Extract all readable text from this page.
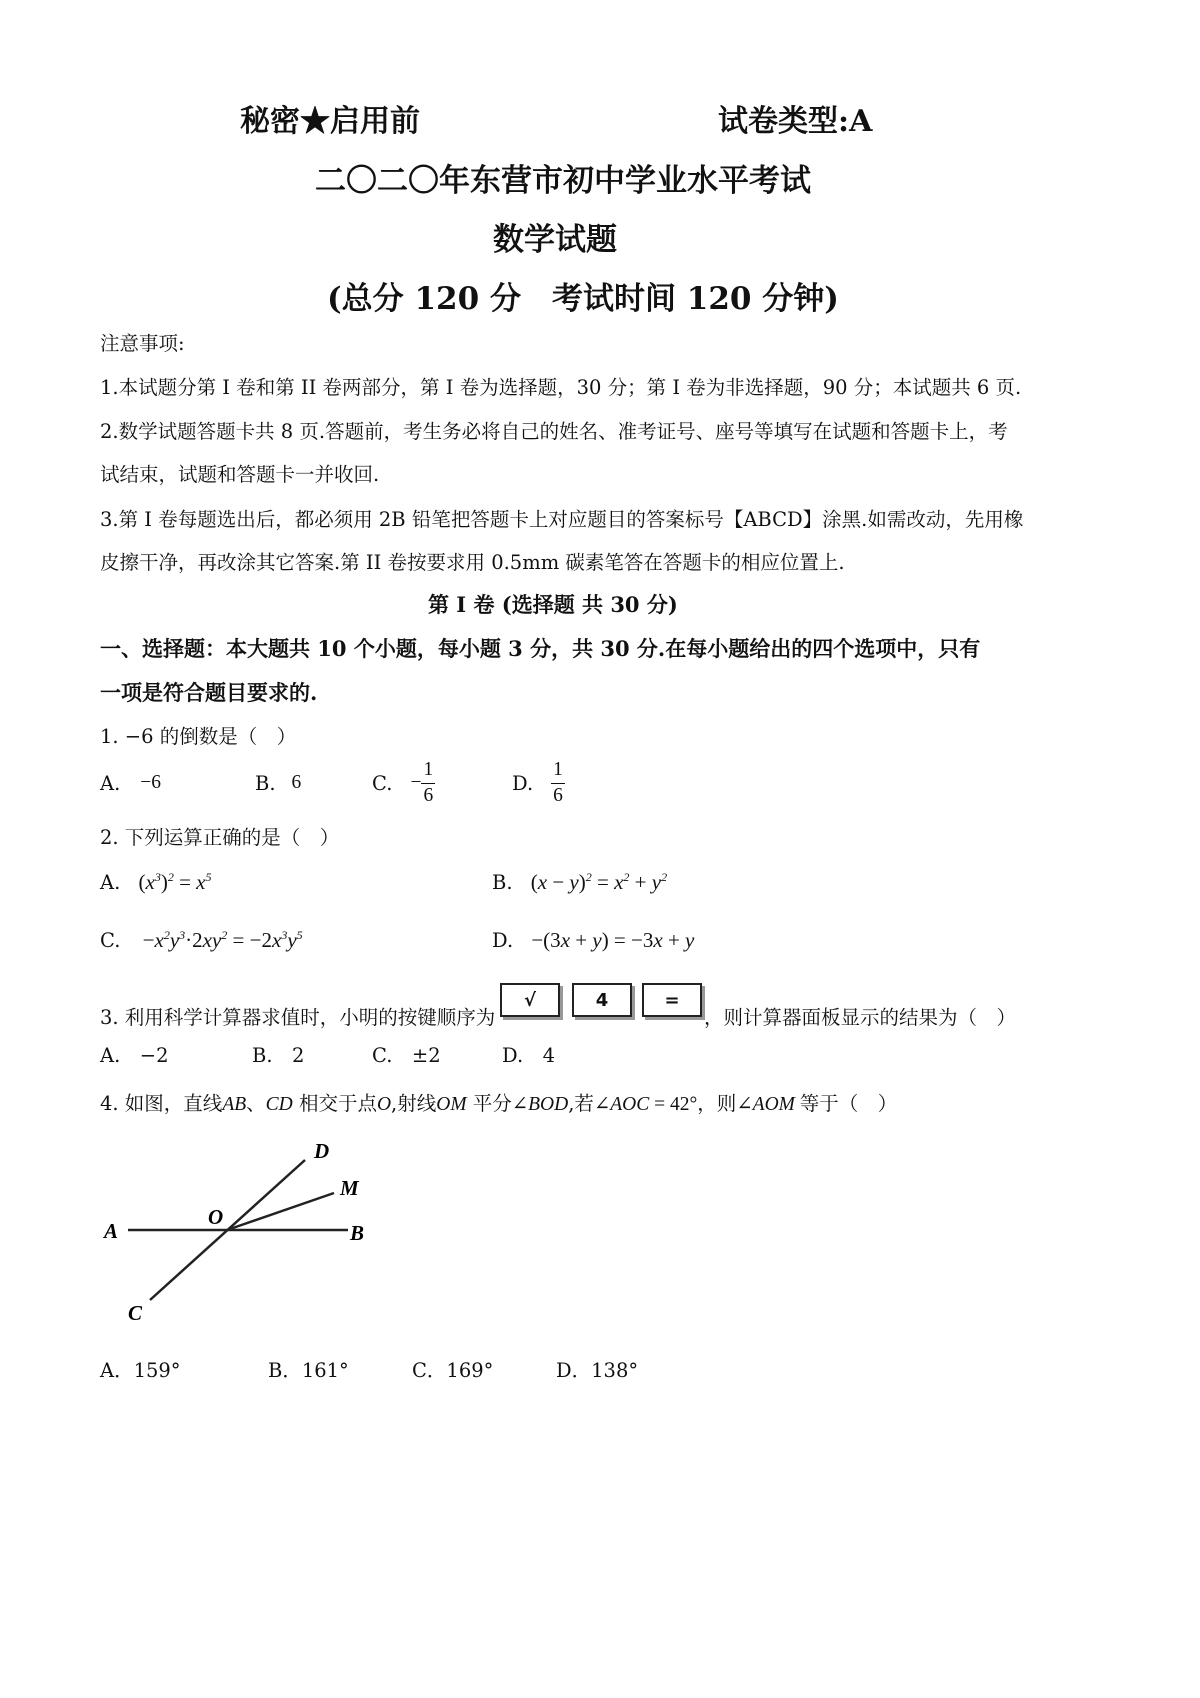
秘密★启用前	试卷类型:A
二〇二〇年东营市初中学业水平考试
数学试题
(总分 120 分　考试时间 120 分钟)
注意事项:
1.本试题分第 I 卷和第 II 卷两部分，第 I 卷为选择题，30 分；第 I 卷为非选择题，90 分；本试题共 6 页.
2.数学试题答题卡共 8 页.答题前，考生务必将自己的姓名、准考证号、座号等填写在试题和答题卡上，考
试结束，试题和答题卡一并收回.
3.第 I 卷每题选出后，都必须用 2B 铅笔把答题卡上对应题目的答案标号【ABCD】涂黑.如需改动，先用橡
皮擦干净，再改涂其它答案.第 II 卷按要求用 0.5mm 碳素笔答在答题卡的相应位置上.
第 I 卷 (选择题 共 30 分)
一、选择题：本大题共 10 个小题，每小题 3 分，共 30 分.在每小题给出的四个选项中，只有
一项是符合题目要求的.
1. −6 的倒数是（　）
A. −6	B. 6	C. − $\frac{1}{6}$	D. $\frac{1}{6}$
2. 下列运算正确的是（　）
A. $(x^3)^2 = x^5$	B. $(x - y)^2 = x^2 + y^2$
C. $-x^2y^3\cdot 2xy^2 = -2x^3y^5$	D. −(3x + y) = −3x + y
3. 利用科学计算器求值时，小明的按键顺序为
√	4	=
，则计算器面板显示的结果为（　）
A.　−2	B.　2	C.　±2	D.　4
4. 如图，直线AB、CD 相交于点O,射线OM 平分∠BOD,若∠AOC = 42°，则∠AOM 等于（　）
A	B
C
D
M
O
A．159°	B．161°	C．169°	D．138°
